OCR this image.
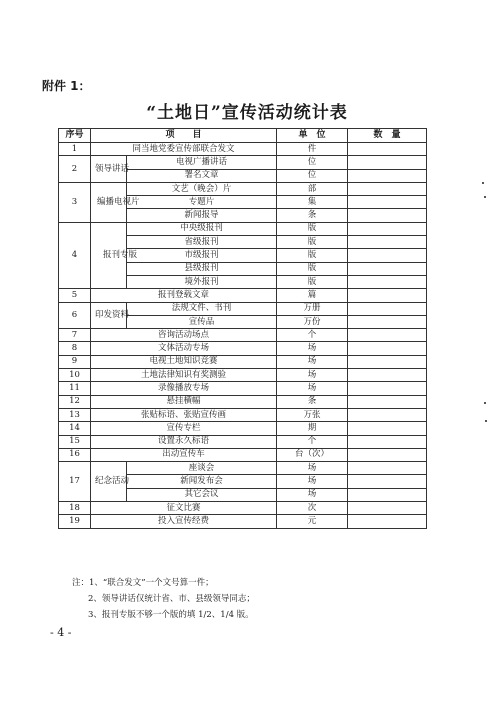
附件 1：
“土地日”宣传活动统计表
序号	项　　目		单　位	数　量
1	同当地党委宣传部联合发文		件	
2	领导讲话	电视广播讲话	位	
		署名文章	位	
3	编播电视片	文艺（晚会）片	部	
		专题片	集	
		新闻报导	条	
4	报刊专版	中央级报刊	版	
		省级报刊	版	
		市级报刊	版	
		县级报刊	版	
		境外报刊	版	
5	报刊登载文章		篇	
6	印发资料	法规文件、书刊	万册	
		宣传品	万份	
7	咨询活动场点		个	
8	文体活动专场		场	
9	电视土地知识竞赛		场	
10	土地法律知识有奖测验		场	
11	录像播放专场		场	
12	悬挂横幅		条	
13	张贴标语、张贴宣传画		万张	
14	宣传专栏		期	
15	设置永久标语		个	
16	出动宣传车		台（次）	
17	纪念活动	座谈会	场	
		新闻发布会	场	
		其它会议	场	
18	征文比赛		次	
19	投入宣传经费		元	
注：1、“联合发文”一个文号算一件；
2、领导讲话仅统计省、市、县级领导同志；
3、报刊专版不够一个版的填 1/2、1/4 版。
- 4 -
